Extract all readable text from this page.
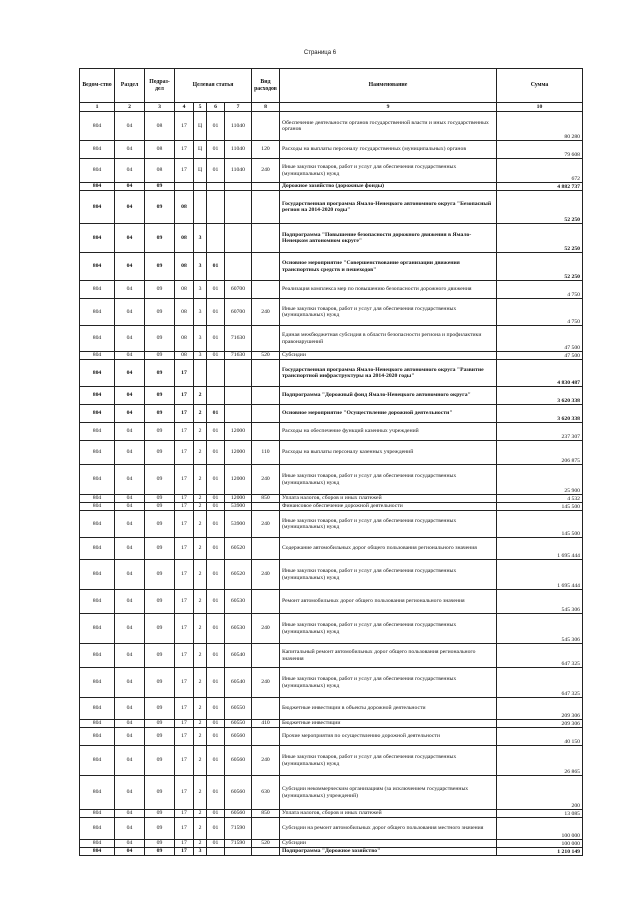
Страница 6
Ведом-ство	Раздел	Подраз-дел	Целевая статья				Вид расходов	Наименование	Сумма
1	2	3	4	5	6	7	8	9	10
804	04	08	17	Ц	01	11040		Обеспечение деятельности органов государственной власти и иных государственных органов	80 280
804	04	08	17	Ц	01	11040	120	Расходы на выплаты персоналу государственных (муниципальных) органов	79 608
804	04	08	17	Ц	01	11040	240	Иные закупки товаров, работ и услуг для обеспечения государственных (муниципальных) нужд	672
804	04	09						Дорожное хозяйство (дорожные фонды)	4 882 737
804	04	09	08					Государственная программа Ямало-Ненецкого автономного округа "Безопасный регион на 2014-2020 годы"	52 250
804	04	09	08	3				Подпрограмма "Повышение безопасности дорожного движения в Ямало-Ненецком автономном округе"	52 250
804	04	09	08	3	01			Основное мероприятие "Совершенствование организации движения транспортных средств и пешеходов"	52 250
804	04	09	08	3	01	60700		Реализация комплекса мер по повышению безопасности дорожного движения	4 750
804	04	09	08	3	01	60700	240	Иные закупки товаров, работ и услуг для обеспечения государственных (муниципальных) нужд	4 750
804	04	09	08	3	01	71630		Единая межбюджетная субсидия в области безопасности региона и профилактики правонарушений	47 500
804	04	09	08	3	01	71630	520	Субсидии	47 500
804	04	09	17					Государственная программа Ямало-Ненецкого автономного округа "Развитие транспортной инфраструктуры на 2014-2020 годы"	4 830 487
804	04	09	17	2				Подпрограмма "Дорожный фонд Ямало-Ненецкого автономного округа"	3 620 338
804	04	09	17	2	01			Основное мероприятие "Осуществление дорожной деятельности"	3 620 338
804	04	09	17	2	01	12000		Расходы на обеспечение функций казенных учреждений	237 307
804	04	09	17	2	01	12000	110	Расходы на выплаты персоналу казенных учреждений	206 875
804	04	09	17	2	01	12000	240	Иные закупки товаров, работ и услуг для обеспечения государственных (муниципальных) нужд	25 900
804	04	09	17	2	01	12000	850	Уплата налогов, сборов и иных платежей	4 532
804	04	09	17	2	01	53900		Финансовое обеспечение дорожной деятельности	145 500
804	04	09	17	2	01	53900	240	Иные закупки товаров, работ и услуг для обеспечения государственных (муниципальных) нужд	145 500
804	04	09	17	2	01	60520		Содержание автомобильных дорог общего пользования регионального значения	1 695 444
804	04	09	17	2	01	60520	240	Иные закупки товаров, работ и услуг для обеспечения государственных (муниципальных) нужд	1 695 444
804	04	09	17	2	01	60530		Ремонт автомобильных дорог общего пользования регионального значения	545 306
804	04	09	17	2	01	60530	240	Иные закупки товаров, работ и услуг для обеспечения государственных (муниципальных) нужд	545 306
804	04	09	17	2	01	60540		Капитальный ремонт автомобильных дорог общего пользования регионального значения	647 325
804	04	09	17	2	01	60540	240	Иные закупки товаров, работ и услуг для обеспечения государственных (муниципальных) нужд	647 325
804	04	09	17	2	01	60550		Бюджетные инвестиции в объекты дорожной деятельности	209 306
804	04	09	17	2	01	60550	410	Бюджетные инвестиции	209 306
804	04	09	17	2	01	60560		Прочие мероприятия по осуществлению дорожной деятельности	40 150
804	04	09	17	2	01	60560	240	Иные закупки товаров, работ и услуг для обеспечения государственных (муниципальных) нужд	26 865
804	04	09	17	2	01	60560	630	Субсидии некоммерческим организациям (за исключением государственных (муниципальных) учреждений)	200
804	04	09	17	2	01	60560	850	Уплата налогов, сборов и иных платежей	13 085
804	04	09	17	2	01	71590		Субсидии на ремонт автомобильных дорог общего пользования местного значения	100 000
804	04	09	17	2	01	71590	520	Субсидии	100 000
804	04	09	17	3				Подпрограмма "Дорожное хозяйство"	1 210 149
